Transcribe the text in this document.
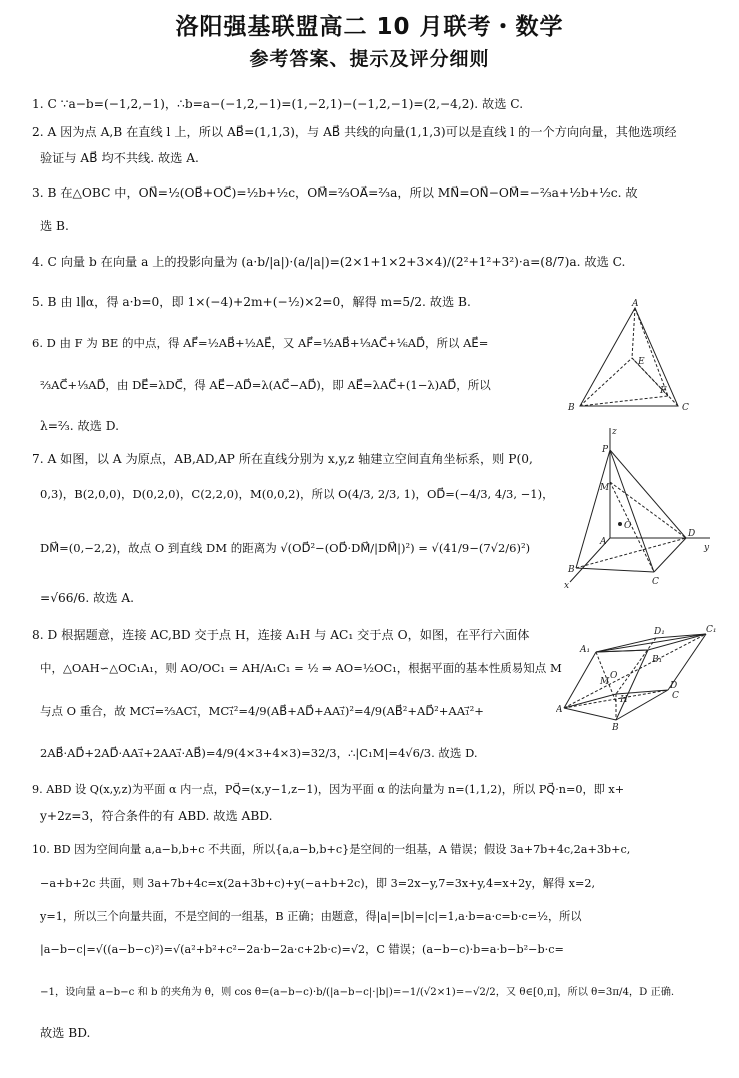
洛阳强基联盟高二 10 月联考・数学
参考答案、提示及评分细则
1. C ∵a−b=(−1,2,−1)，∴b=a−(−1,2,−1)=(1,−2,1)−(−1,2,−1)=(2,−4,2). 故选 C.
2. A 因为点 A,B 在直线 l 上，所以 AB⃗=(1,1,3)，与 AB⃗ 共线的向量(1,1,3)可以是直线 l 的一个方向向量，其他选项经
验证与 AB⃗ 均不共线. 故选 A.
3. B 在△OBC 中，ON⃗=½(OB⃗+OC⃗)=½b+½c，OM⃗=⅔OA⃗=⅔a，所以 MN⃗=ON⃗−OM⃗=−⅔a+½b+½c. 故
选 B.
4. C 向量 b 在向量 a 上的投影向量为 (a·b/|a|)·(a/|a|)=(2×1+1×2+3×4)/(2²+1²+3²)·a=(8/7)a. 故选 C.
5. B 由 l∥α，得 a·b=0，即 1×(−4)+2m+(−½)×2=0，解得 m=5/2. 故选 B.
6. D 由 F 为 BE 的中点，得 AF⃗=½AB⃗+½AE⃗，又 AF⃗=½AB⃗+⅓AC⃗+⅙AD⃗，所以 AE⃗=
⅔AC⃗+⅓AD⃗，由 DE⃗=λDC⃗，得 AE⃗−AD⃗=λ(AC⃗−AD⃗)，即 AE⃗=λAC⃗+(1−λ)AD⃗，所以
λ=⅔. 故选 D.
7. A 如图，以 A 为原点，AB,AD,AP 所在直线分别为 x,y,z 轴建立空间直角坐标系，则 P(0,
0,3)，B(2,0,0)，D(0,2,0)，C(2,2,0)，M(0,0,2)，所以 O(4/3, 2/3, 1)，OD⃗=(−4/3, 4/3, −1)，
DM⃗=(0,−2,2)，故点 O 到直线 DM 的距离为 √(OD⃗²−(OD⃗·DM⃗/|DM⃗|)²) = √(41/9−(7√2/6)²)
=√66/6. 故选 A.
8. D 根据题意，连接 AC,BD 交于点 H，连接 A₁H 与 AC₁ 交于点 O，如图，在平行六面体
中，△OAH∽△OC₁A₁，则 AO/OC₁ = AH/A₁C₁ = ½ ⇒ AO=½OC₁，根据平面的基本性质易知点 M
与点 O 重合，故 MC₁⃗=⅔AC₁⃗，MC₁⃗²=4/9(AB⃗+AD⃗+AA₁⃗)²=4/9(AB⃗²+AD⃗²+AA₁⃗²+
2AB⃗·AD⃗+2AD⃗·AA₁⃗+2AA₁⃗·AB⃗)=4/9(4×3+4×3)=32/3，∴|C₁M|=4√6/3. 故选 D.
9. ABD 设 Q(x,y,z)为平面 α 内一点，PQ⃗=(x,y−1,z−1)，因为平面 α 的法向量为 n=(1,1,2)，所以 PQ⃗·n=0，即 x+
y+2z=3，符合条件的有 ABD. 故选 ABD.
10. BD 因为空间向量 a,a−b,b+c 不共面，所以{a,a−b,b+c}是空间的一组基，A 错误；假设 3a+7b+4c,2a+3b+c,
−a+b+2c 共面，则 3a+7b+4c=x(2a+3b+c)+y(−a+b+2c)，即 3=2x−y,7=3x+y,4=x+2y，解得 x=2,
y=1，所以三个向量共面，不是空间的一组基，B 正确；由题意，得|a|=|b|=|c|=1,a·b=a·c=b·c=½，所以
|a−b−c|=√((a−b−c)²)=√(a²+b²+c²−2a·b−2a·c+2b·c)=√2，C 错误；(a−b−c)·b=a·b−b²−b·c=
−1，设向量 a−b−c 和 b 的夹角为 θ，则 cos θ=(a−b−c)·b/(|a−b−c|·|b|)=−1/(√2×1)=−√2/2，又 θ∈[0,π]，所以 θ=3π/4，D 正确.
故选 BD.
A
B	C
E
F
z
P
M
O
A
D
y
B
C
x
D₁	C₁
A₁
B₁
O
M	D
C
A
B
H
